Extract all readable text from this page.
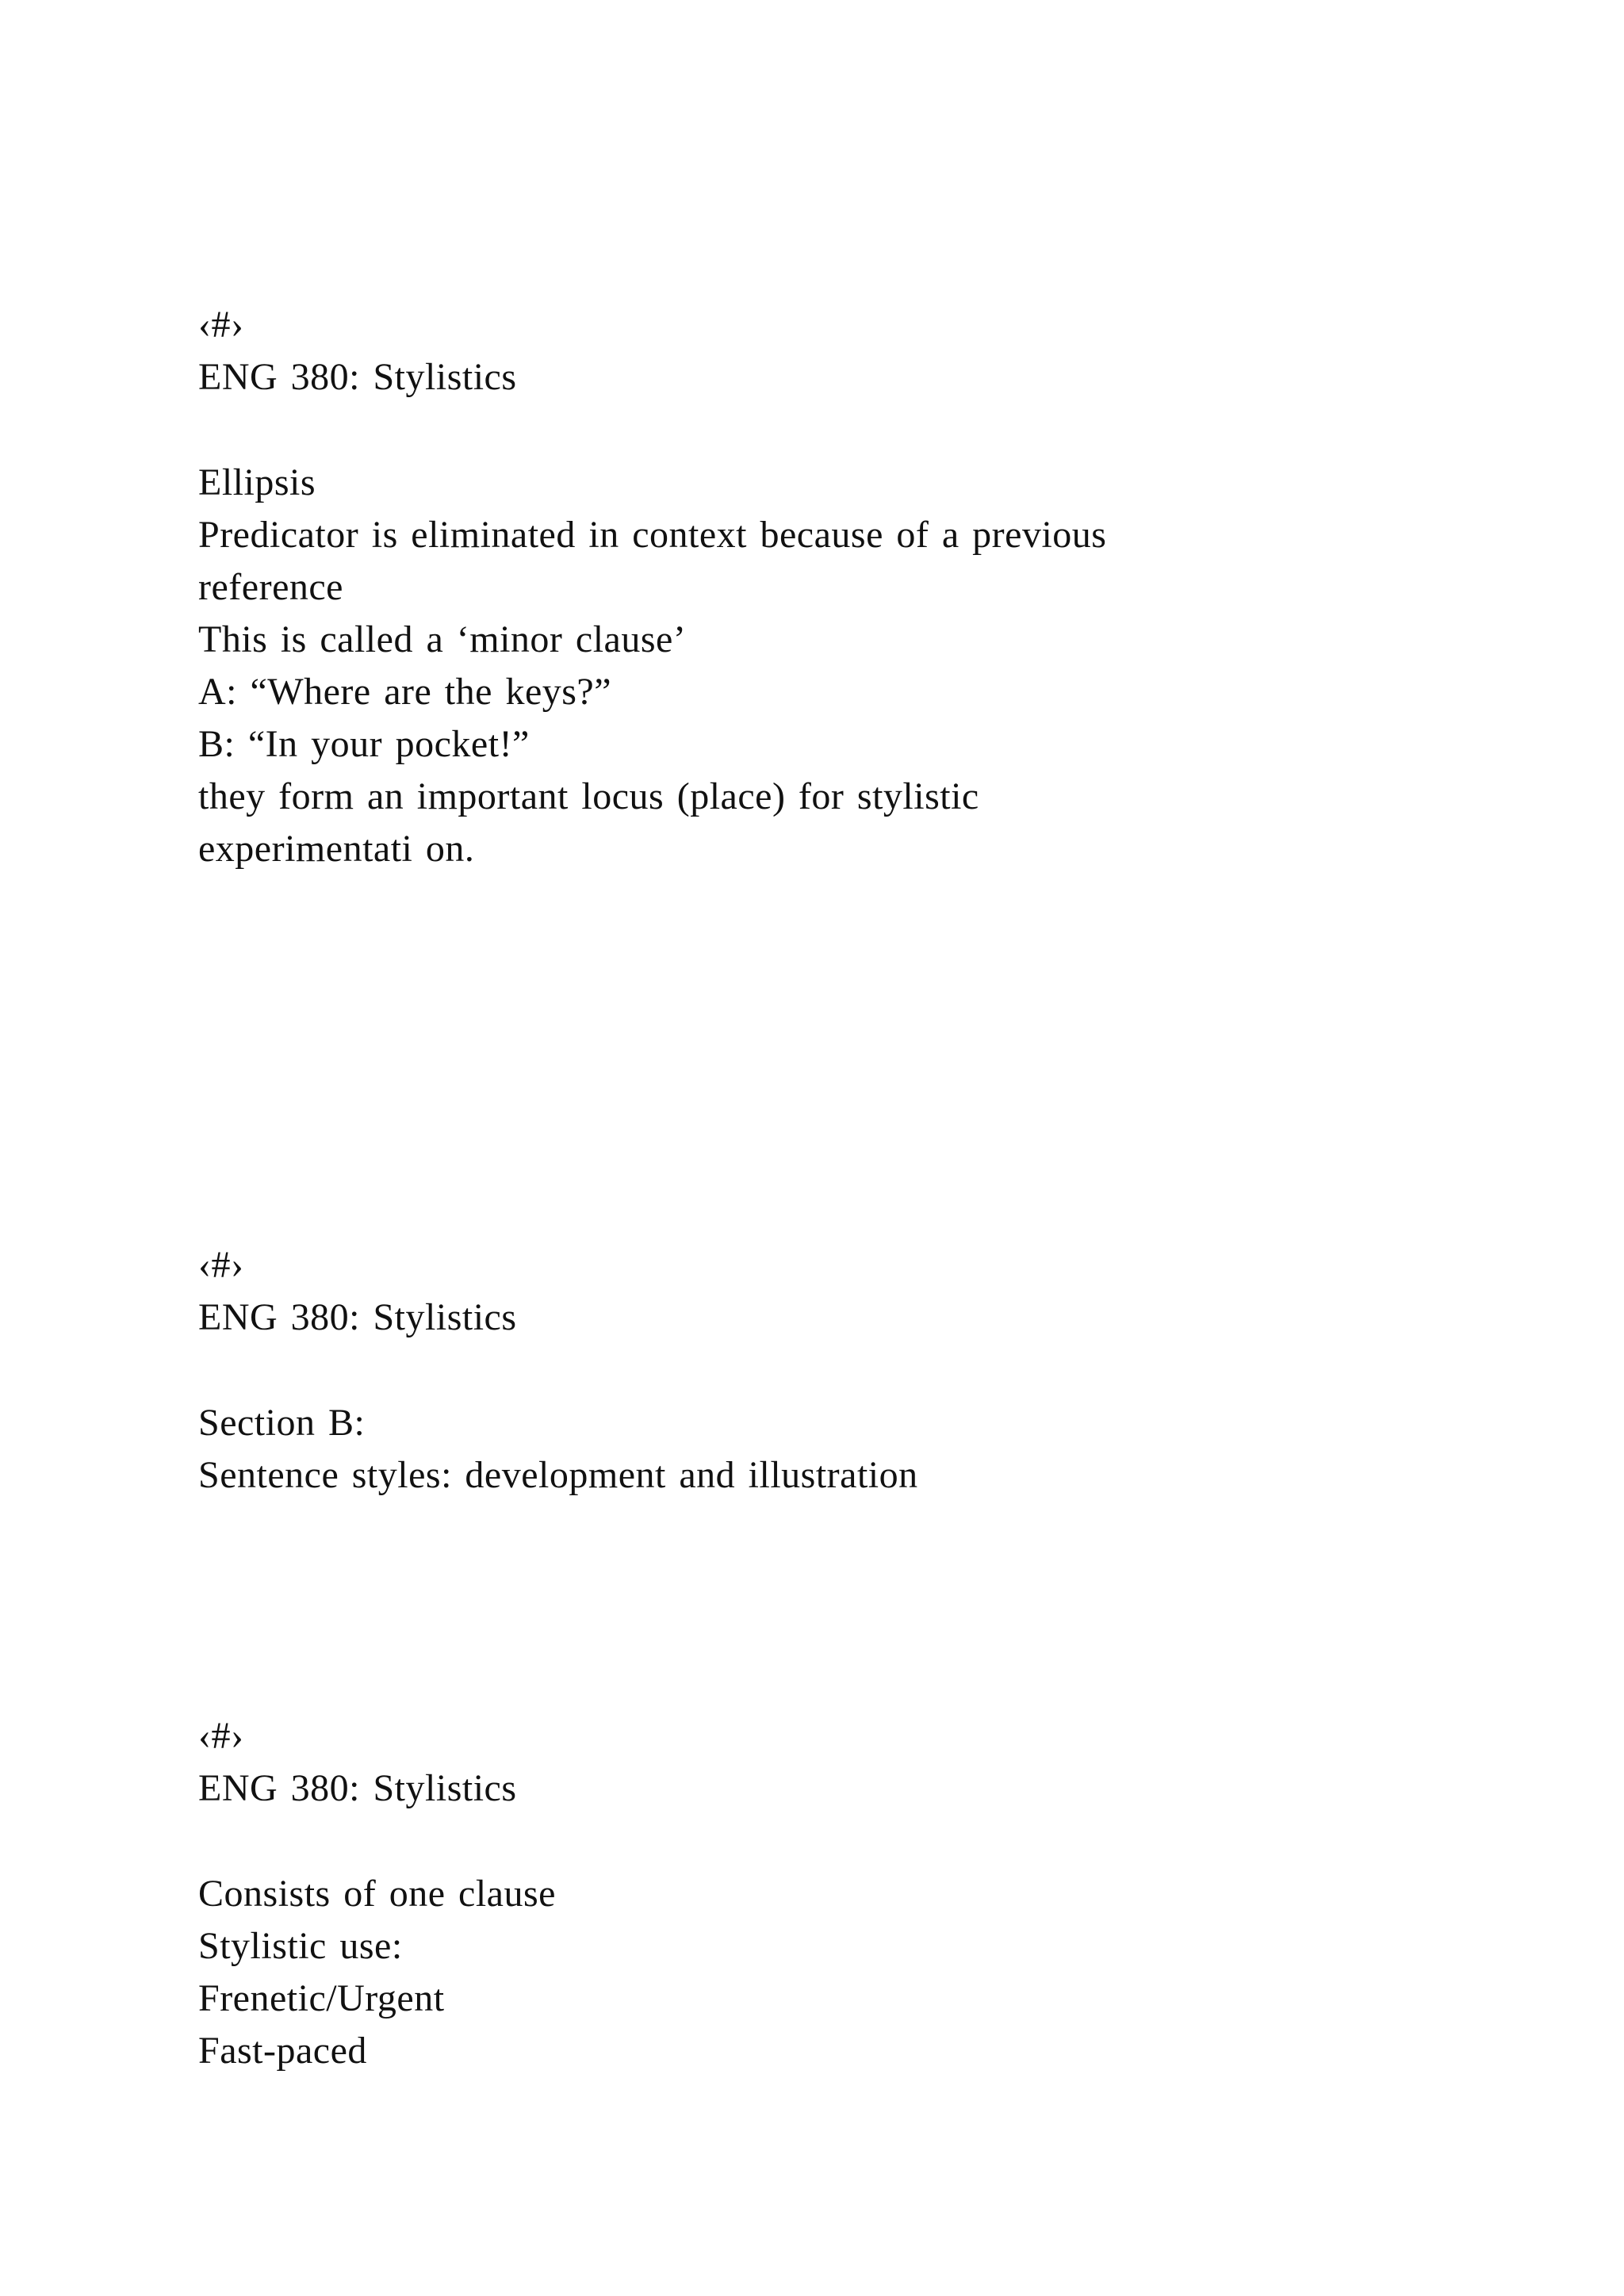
‹#›
ENG 380: Stylistics
Ellipsis
Predicator is eliminated in context because of a previous
reference
This is called a ‘minor clause’
A: “Where are the keys?”
B: “In your pocket!”
they form an important locus (place) for stylistic
experimentati on.
‹#›
ENG 380: Stylistics
Section B:
Sentence styles: development and illustration
‹#›
ENG 380: Stylistics
Consists of one clause
Stylistic use:
Frenetic/Urgent
Fast-paced
